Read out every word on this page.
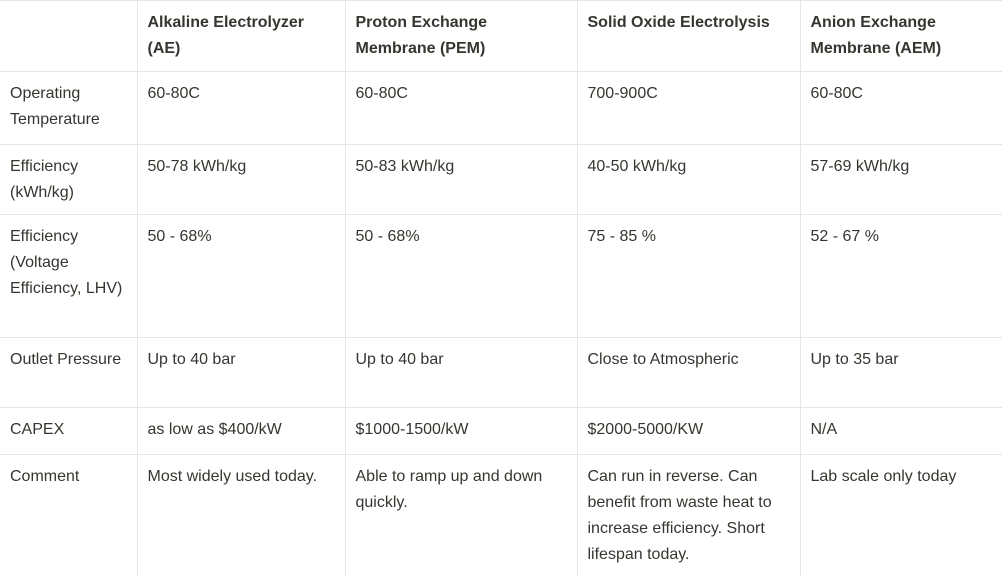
	Alkaline Electrolyzer (AE)	Proton Exchange Membrane (PEM)	Solid Oxide Electrolysis	Anion Exchange Membrane (AEM)
Operating Temperature	60-80C	60-80C	700-900C	60-80C
Efficiency (kWh/kg)	50-78 kWh/kg	50-83 kWh/kg	40-50 kWh/kg	57-69 kWh/kg
Efficiency (Voltage Efficiency, LHV)	50 - 68%	50 - 68%	75 - 85 %	52 - 67 %
Outlet Pressure	Up to 40 bar	Up to 40 bar	Close to Atmospheric	Up to 35 bar
CAPEX	as low as $400/kW	$1000-1500/kW	$2000-5000/KW	N/A
Comment	Most widely used today.	Able to ramp up and down quickly.	Can run in reverse. Can benefit from waste heat to increase efficiency. Short lifespan today.	Lab scale only today
